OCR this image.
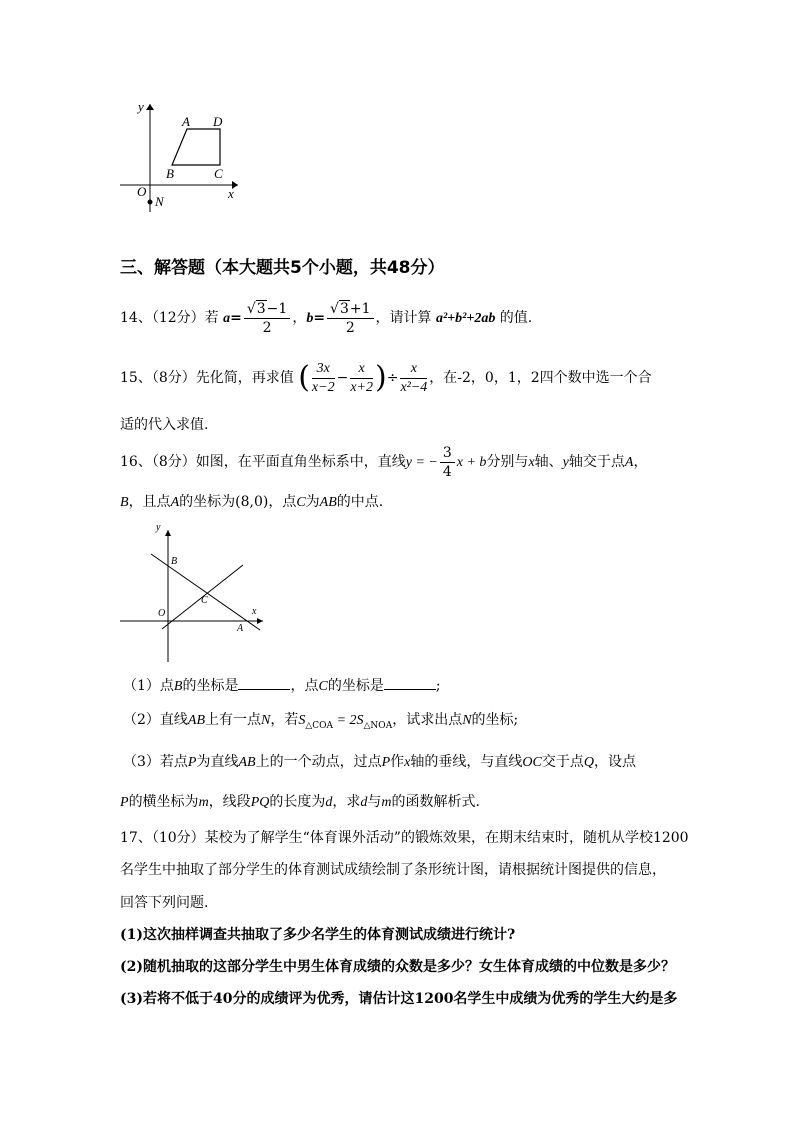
y
x
O
N
A D
B	C
三、解答题（本大题共5个小题，共48分）
14、（12分）若 $a= \frac{√3-1}{2}$ ，$b= \frac{√3+1}{2}$ ，请计算 a²+b²+2ab 的值.
15、（8分）先化简，再求值 ( $\frac{3x}{x-2} - \frac{x}{x+2}$ )÷ $\frac{x}{\text{x²−4}}$ ，在-2，0，1，2四个数中选一个合
适的代入求值.
16、（8分）如图，在平面直角坐标系中，直线y = − $\frac{3}{4}$ x + b分别与x轴、y轴交于点A，
B，且点A的坐标为(8,0)，点C为AB的中点.
y
x
O
B
C
A
（1）点B的坐标是	，点C的坐标是	;
（2）直线AB上有一点N，若$S_{\triangle COA} = 2S_{\triangle NOA}$，试求出点N的坐标;
（3）若点P为直线AB上的一个动点，过点P作x轴的垂线，与直线OC交于点Q，设点
P的横坐标为m，线段PQ的长度为d，求d与m的函数解析式.
17、（10分）某校为了解学生“体育课外活动”的锻炼效果，在期末结束时，随机从学校1200
名学生中抽取了部分学生的体育测试成绩绘制了条形统计图，请根据统计图提供的信息，
回答下列问题.
(1)这次抽样调查共抽取了多少名学生的体育测试成绩进行统计?
(2)随机抽取的这部分学生中男生体育成绩的众数是多少？女生体育成绩的中位数是多少？
(3)若将不低于40分的成绩评为优秀，请估计这1200名学生中成绩为优秀的学生大约是多
